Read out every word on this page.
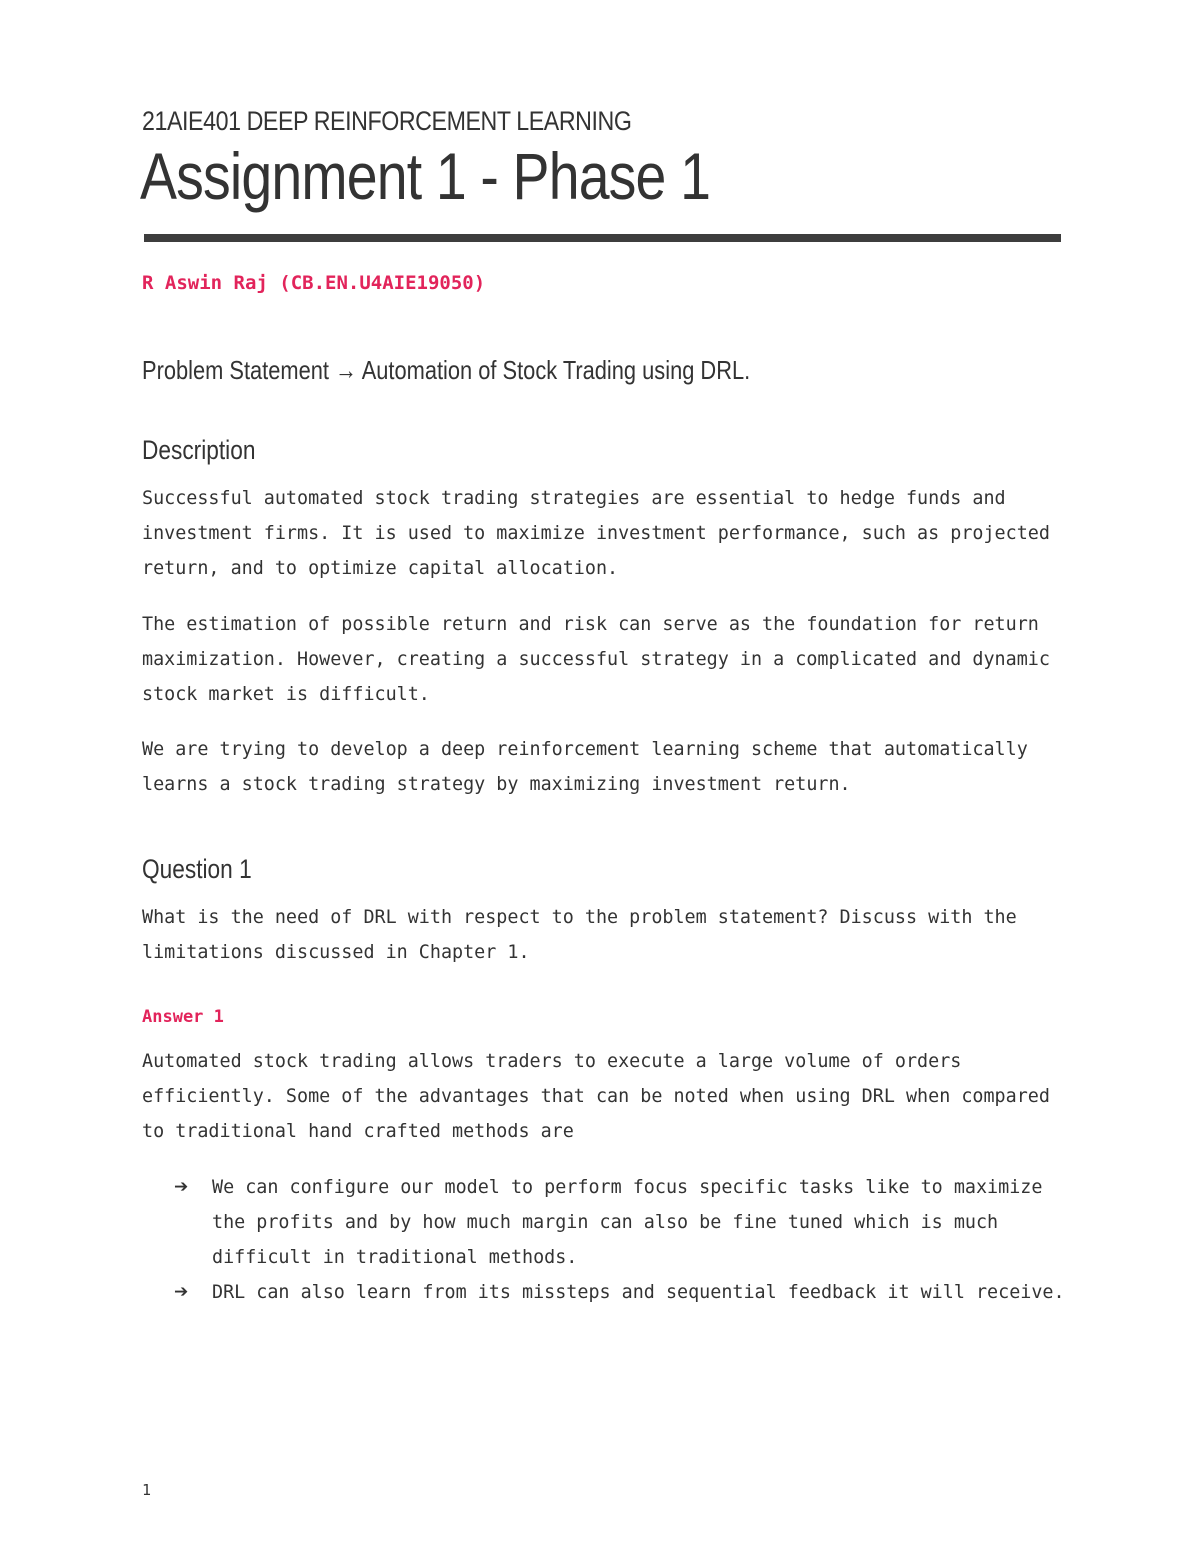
21AIE401 DEEP REINFORCEMENT LEARNING
Assignment 1 - Phase 1
R Aswin Raj (CB.EN.U4AIE19050)
Problem Statement → Automation of Stock Trading using DRL.
Description

Successful automated stock trading strategies are essential to hedge funds and investment firms. It is used to maximize investment performance, such as projected return, and to optimize capital allocation.

The estimation of possible return and risk can serve as the foundation for return maximization. However, creating a successful strategy in a complicated and dynamic stock market is difficult.

We are trying to develop a deep reinforcement learning scheme that automatically learns a stock trading strategy by maximizing investment return.

Question 1

What is the need of DRL with respect to the problem statement? Discuss with the limitations discussed in Chapter 1.

Answer 1

Automated stock trading allows traders to execute a large volume of orders efficiently. Some of the advantages that can be noted when using DRL when compared to traditional hand crafted methods are

➔ We can configure our model to perform focus specific tasks like to maximize the profits and by how much margin can also be fine tuned which is much difficult in traditional methods.
➔ DRL can also learn from its missteps and sequential feedback it will receive.
1
